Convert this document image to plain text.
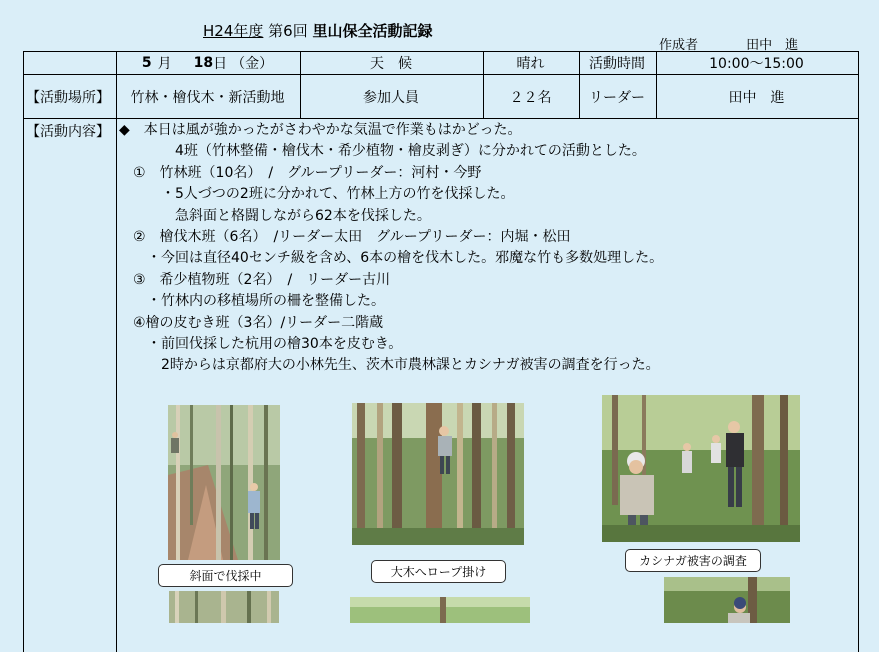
H24年度 第6回 里山保全活動記録
作成者	田中　進
5 月 18 日 （金）	天　候	晴れ	活動時間	10:00～15:00
【活動場所】	竹林・檜伐木・新活動地	参加人員	２２名	リーダー	田中　進
【活動内容】 ◆　本日は風が強かったがさわやかな気温で作業もはかどった。
　　　　4班（竹林整備・檜伐木・希少植物・檜皮剥ぎ）に分かれての活動とした。
　①　竹林班（10名）　/　グループリーダー：河村・今野
　　　・5人づつの2班に分かれて、竹林上方の竹を伐採した。
　　　　急斜面と格闘しながら62本を伐採した。
　②　檜伐木班（6名）　/リーダー太田　グループリーダー：内堀・松田
　　・今回は直径40センチ級を含め、6本の檜を伐木した。邪魔な竹も多数処理した。
　③　希少植物班（2名）　/　リーダー古川
　　・竹林内の移植場所の柵を整備した。
　④檜の皮むき班（3名）/リーダー二階蔵
　　・前回伐採した杭用の檜30本を皮むき。
　　　2時からは京都府大の小林先生、茨木市農林課とカシナガ被害の調査を行った。
斜面で伐採中	大木へロープ掛け
カシナガ被害の調査
